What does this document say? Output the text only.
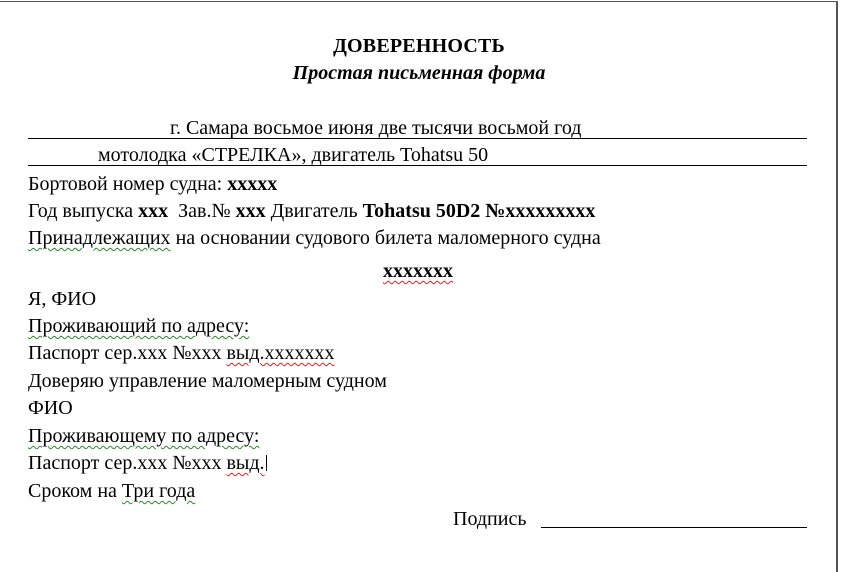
ДОВЕРЕННОСТЬ
Простая письменная форма
г. Самара восьмое июня две тысячи восьмой год
мотолодка «СТРЕЛКА», двигатель Tohatsu 50
Бортовой номер судна: ххххх
Год выпуска ххх  Зав.№ ххх Двигатель Tohatsu 50D2 №ххххххххх
Принадлежащих на основании судового билета маломерного судна
ххххххх
Я, ФИО
Проживающий по адресу:
Паспорт сер.ххх №ххх выд.ххххххх
Доверяю управление маломерным судном
ФИО
Проживающему по адресу:
Паспорт сер.ххх №ххх выд.
Сроком на Три года
Подпись
